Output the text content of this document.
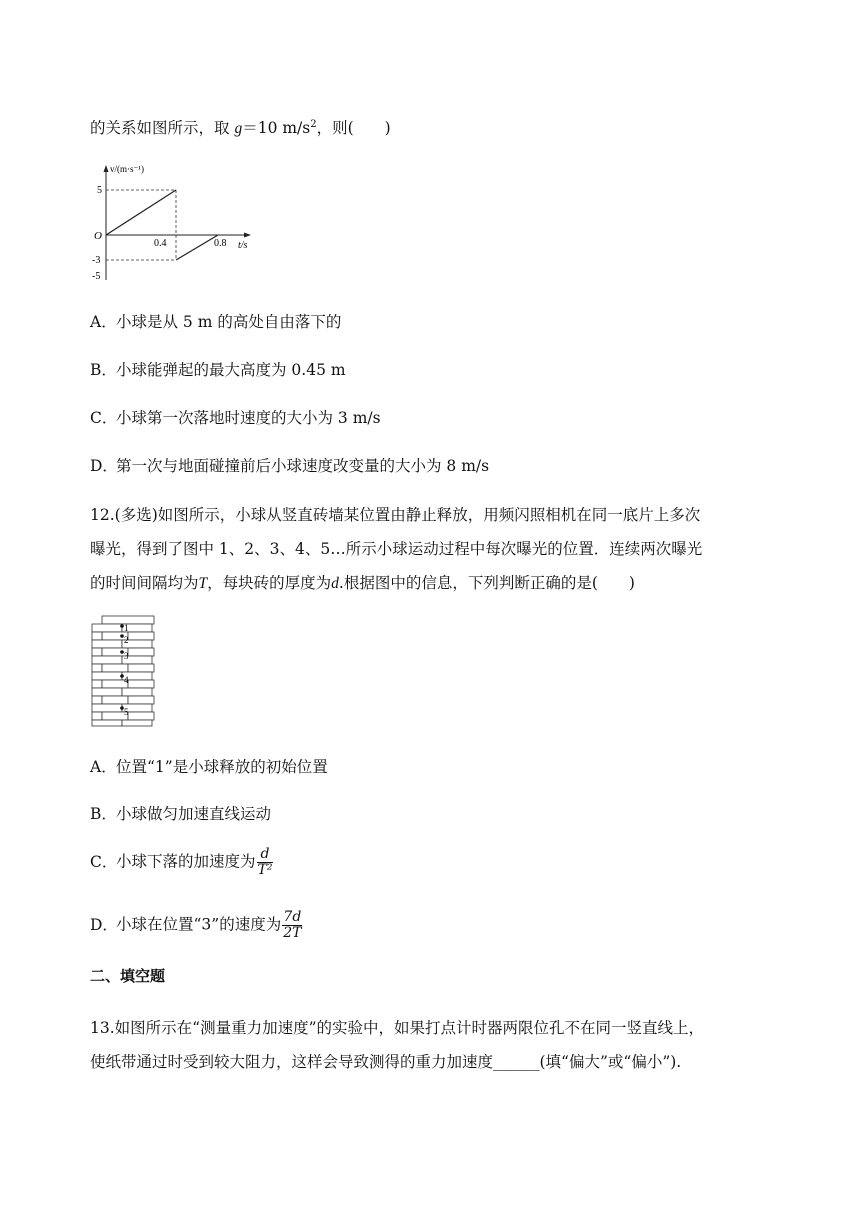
的关系如图所示，取 g＝10 $m/s^2$，则(　　)
v/(m·s⁻¹)
t/s
O
5
-3
-5
0.4	0.8
A．小球是从 5 m 的高处自由落下的
B．小球能弹起的最大高度为 0.45 m
C．小球第一次落地时速度的大小为 3 m/s
D．第一次与地面碰撞前后小球速度改变量的大小为 8 m/s
12.(多选)如图所示，小球从竖直砖墙某位置由静止释放，用频闪照相机在同一底片上多次
曝光，得到了图中 1、2、3、4、5…所示小球运动过程中每次曝光的位置．连续两次曝光
的时间间隔均为T，每块砖的厚度为d.根据图中的信息，下列判断正确的是(　　)
1
2
3
4
5
A．位置“1”是小球释放的初始位置
B．小球做匀加速直线运动
C．小球下落的加速度为 $\frac{d}{\text{T²}}$
D．小球在位置“3”的速度为 $\frac{7d}{2T}$
二、填空题
13.如图所示在“测量重力加速度”的实验中，如果打点计时器两限位孔不在同一竖直线上，
使纸带通过时受到较大阻力，这样会导致测得的重力加速度______(填“偏大”或“偏小”).
